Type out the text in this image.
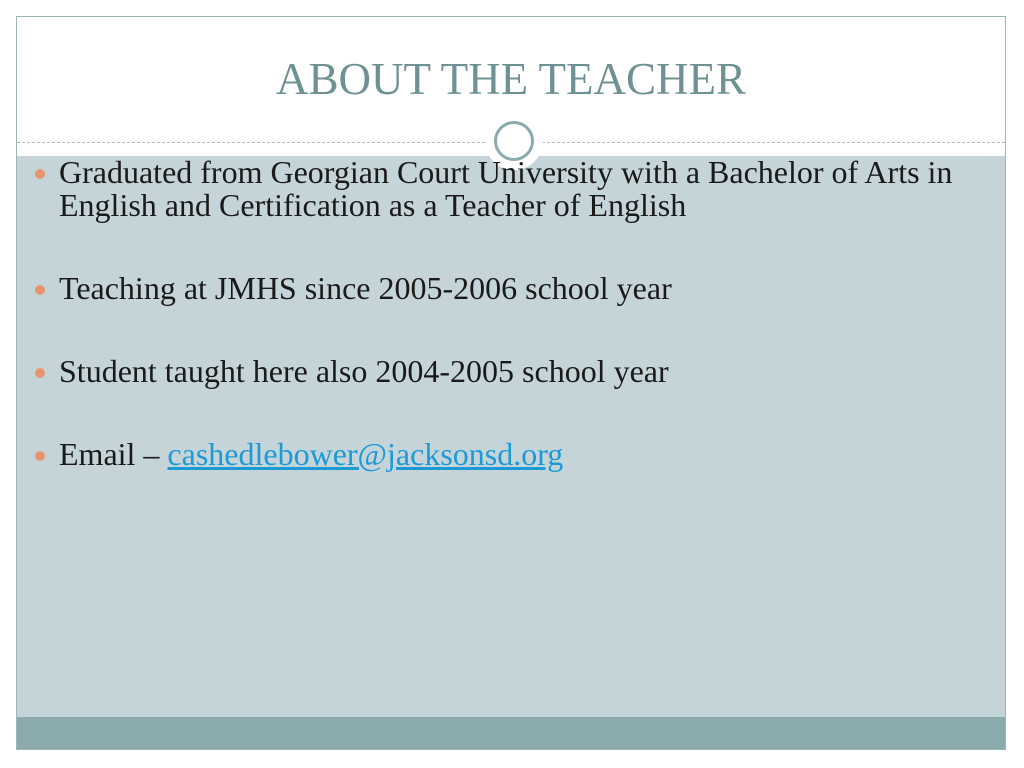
ABOUT THE TEACHER
Graduated from Georgian Court University with a Bachelor of Arts in English and Certification as a Teacher of English
Teaching at JMHS since 2005-2006 school year
Student taught here also 2004-2005 school year
Email – cashedlebower@jacksonsd.org
